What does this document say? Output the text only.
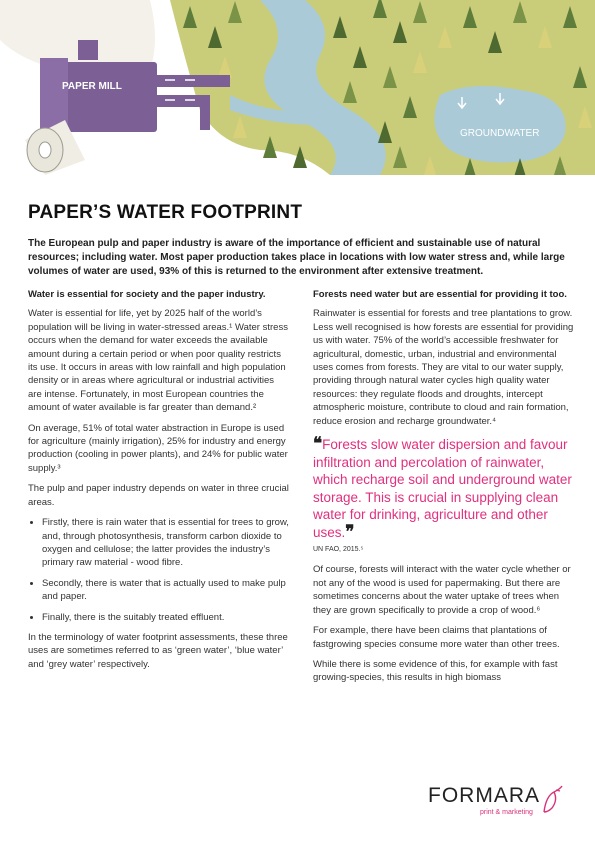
GROUNDWATER
PAPER MILL
PAPER’S WATER FOOTPRINT

The European pulp and paper industry is aware of the importance of efficient and sustainable use of natural resources; including water. Most paper production takes place in locations with low water stress and, while large volumes of water are used, 93% of this is returned to the environment after extensive treatment.

Water is essential for society and the paper industry.

Water is essential for life, yet by 2025 half of the world’s population will be living in water-stressed areas.¹ Water stress occurs when the demand for water exceeds the available amount during a certain period or when poor quality restricts its use. It occurs in areas with low rainfall and high population density or in areas where agricultural or industrial activities are intense. Fortunately, in most European countries the amount of water available is far greater than demand.²

On average, 51% of total water abstraction in Europe is used for agriculture (mainly irrigation), 25% for industry and energy production (cooling in power plants), and 24% for public water supply.³

The pulp and paper industry depends on water in three crucial areas.

• Firstly, there is rain water that is essential for trees to grow, and, through photosynthesis, transform carbon dioxide to oxygen and cellulose; the latter provides the industry’s primary raw material - wood fibre.
• Secondly, there is water that is actually used to make pulp and paper.
• Finally, there is the suitably treated effluent.

In the terminology of water footprint assessments, these three uses are sometimes referred to as ‘green water’, ‘blue water’ and ‘grey water’ respectively.

Forests need water but are essential for providing it too.

Rainwater is essential for forests and tree plantations to grow. Less well recognised is how forests are essential for providing us with water. 75% of the world’s accessible freshwater for agricultural, domestic, urban, industrial and environmental uses comes from forests. They are vital to our water supply, providing through natural water cycles high quality water resources: they regulate floods and droughts, intercept atmospheric moisture, contribute to cloud and rain formation, reduce erosion and recharge groundwater.⁴

❝Forests slow water dispersion and favour infiltration and percolation of rainwater, which recharge soil and underground water storage. This is crucial in supplying clean water for drinking, agriculture and other uses.❞

UN FAO, 2015.⁵

Of course, forests will interact with the water cycle whether or not any of the wood is used for papermaking. But there are sometimes concerns about the water uptake of trees when they are grown specifically to provide a crop of wood.⁶

For example, there have been claims that plantations of fastgrowing species consume more water than other trees.

While there is some evidence of this, for example with fast growing-species, this results in high biomass

FORMARA
print & marketing
